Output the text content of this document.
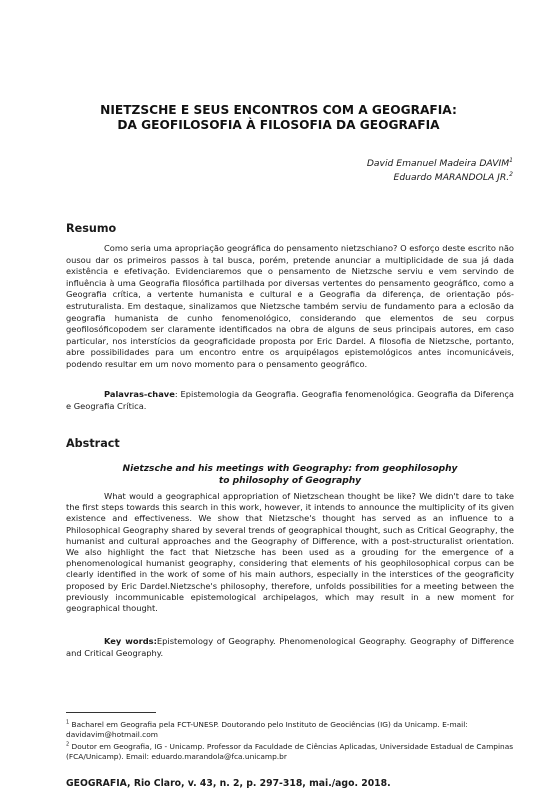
NIETZSCHE E SEUS ENCONTROS COM A GEOGRAFIA:
DA GEOFILOSOFIA À FILOSOFIA DA GEOGRAFIA
David Emanuel Madeira DAVIM$^1$
Eduardo MARANDOLA JR.$^2$
Resumo

Como seria uma apropriação geográfica do pensamento nietzschiano? O esforço deste escrito não ousou dar os primeiros passos à tal busca, porém, pretende anunciar a multiplicidade de sua já dada existência e efetivação. Evidenciaremos que o pensamento de Nietzsche serviu e vem servindo de influência à uma Geografia filosófica partilhada por diversas vertentes do pensamento geográfico, como a Geografia crítica, a vertente humanista e cultural e a Geografia da diferença, de orientação pós-estruturalista. Em destaque, sinalizamos que Nietzsche também serviu de fundamento para a eclosão da geografia humanista de cunho fenomenológico, considerando que elementos de seu corpus geofilosóficopodem ser claramente identificados na obra de alguns de seus principais autores, em caso particular, nos interstícios da geograficidade proposta por Eric Dardel. A filosofia de Nietzsche, portanto, abre possibilidades para um encontro entre os arquipélagos epistemológicos antes incomunicáveis, podendo resultar em um novo momento para o pensamento geográfico.

Palavras-chave: Epistemologia da Geografia. Geografia fenomenológica. Geografia da Diferença e Geografia Crítica.

Abstract
Nietzsche and his meetings with Geography: from geophilosophy
to philosophy of Geography

What would a geographical appropriation of Nietzschean thought be like? We didn't dare to take the first steps towards this search in this work, however, it intends to announce the multiplicity of its given existence and effectiveness. We show that Nietzsche's thought has served as an influence to a Philosophical Geography shared by several trends of geographical thought, such as Critical Geography, the humanist and cultural approaches and the Geography of Difference, with a post-structuralist orientation. We also highlight the fact that Nietzsche has been used as a grouding for the emergence of a phenomenological humanist geography, considering that elements of his geophilosophical corpus can be clearly identified in the work of some of his main authors, especially in the interstices of the geograficity proposed by Eric Dardel.Nietzsche's philosophy, therefore, unfolds possibilities for a meeting between the previously incommunicable epistemological archipelagos, which may result in a new moment for geographical thought.

Key words:Epistemology of Geography. Phenomenological Geography. Geography of Difference and Critical Geography.

$^1$ Bacharel em Geografia pela FCT-UNESP. Doutorando pelo Instituto de Geociências (IG) da Unicamp. E-mail: davidavim@hotmail.com

$^2$ Doutor em Geografia, IG - Unicamp. Professor da Faculdade de Ciências Aplicadas, Universidade Estadual de Campinas (FCA/Unicamp). Email: eduardo.marandola@fca.unicamp.br

GEOGRAFIA, Rio Claro, v. 43, n. 2, p. 297-318, mai./ago. 2018.
